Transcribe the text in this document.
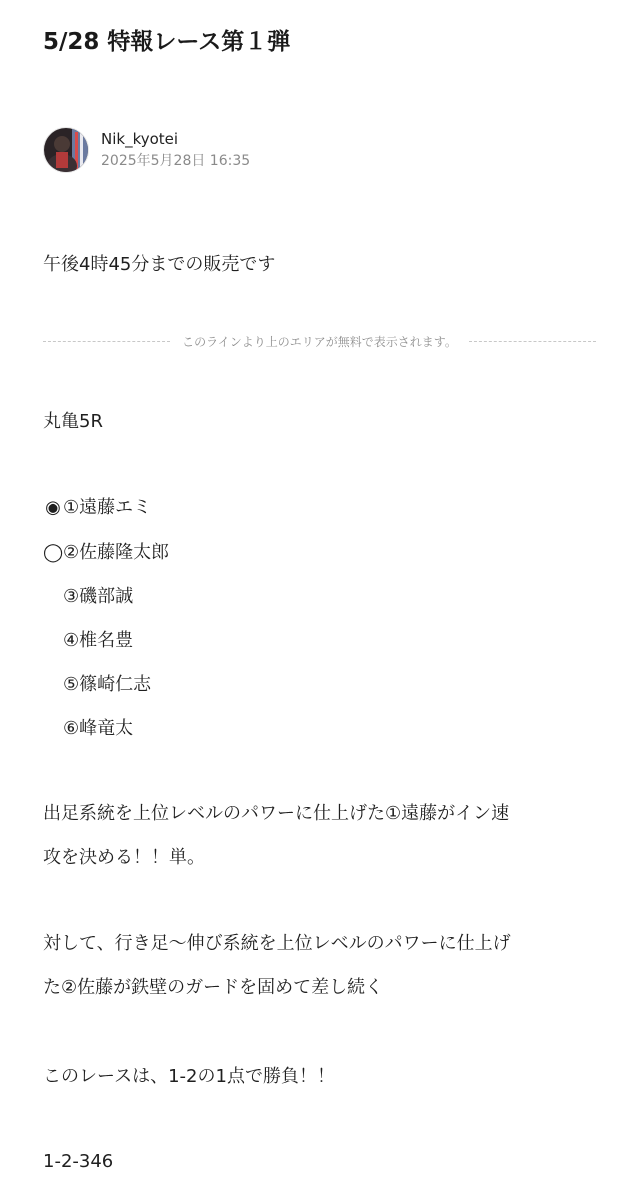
5/28 特報レース第１弾
Nik_kyotei
2025年5月28日 16:35
午後4時45分までの販売です
このラインより上のエリアが無料で表示されます。
丸亀5R
◉ ①遠藤エミ
◯②佐藤隆太郎
③磯部誠
④椎名豊
⑤篠崎仁志
⑥峰竜太
出足系統を上位レベルのパワーに仕上げた①遠藤がイン速
攻を決める！！単。
対して、行き足〜伸び系統を上位レベルのパワーに仕上げ
た②佐藤が鉄壁のガードを固めて差し続く
このレースは、1-2の1点で勝負！！
1-2-346
